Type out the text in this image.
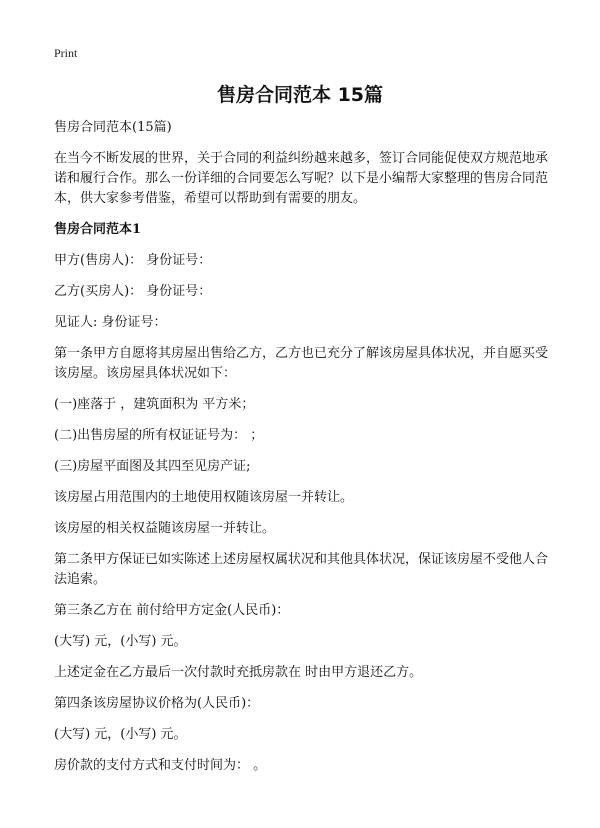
Print
售房合同范本 15篇

售房合同范本(15篇)

在当今不断发展的世界，关于合同的利益纠纷越来越多，签订合同能促使双方规范地承诺和履行合作。那么一份详细的合同要怎么写呢？以下是小编帮大家整理的售房合同范本，供大家参考借鉴，希望可以帮助到有需要的朋友。

售房合同范本1

甲方(售房人)： 身份证号：

乙方(买房人)： 身份证号：

见证人: 身份证号：

第一条甲方自愿将其房屋出售给乙方，乙方也已充分了解该房屋具体状况，并自愿买受该房屋。该房屋具体状况如下：

(一)座落于 ，建筑面积为 平方米；

(二)出售房屋的所有权证证号为： ；

(三)房屋平面图及其四至见房产证;

该房屋占用范围内的土地使用权随该房屋一并转让。

该房屋的相关权益随该房屋一并转让。

第二条甲方保证已如实陈述上述房屋权属状况和其他具体状况，保证该房屋不受他人合法追索。

第三条乙方在 前付给甲方定金(人民币)：

(大写) 元，(小写) 元。

上述定金在乙方最后一次付款时充抵房款在 时由甲方退还乙方。

第四条该房屋协议价格为(人民币)：

(大写) 元，(小写) 元。

房价款的支付方式和支付时间为： 。
